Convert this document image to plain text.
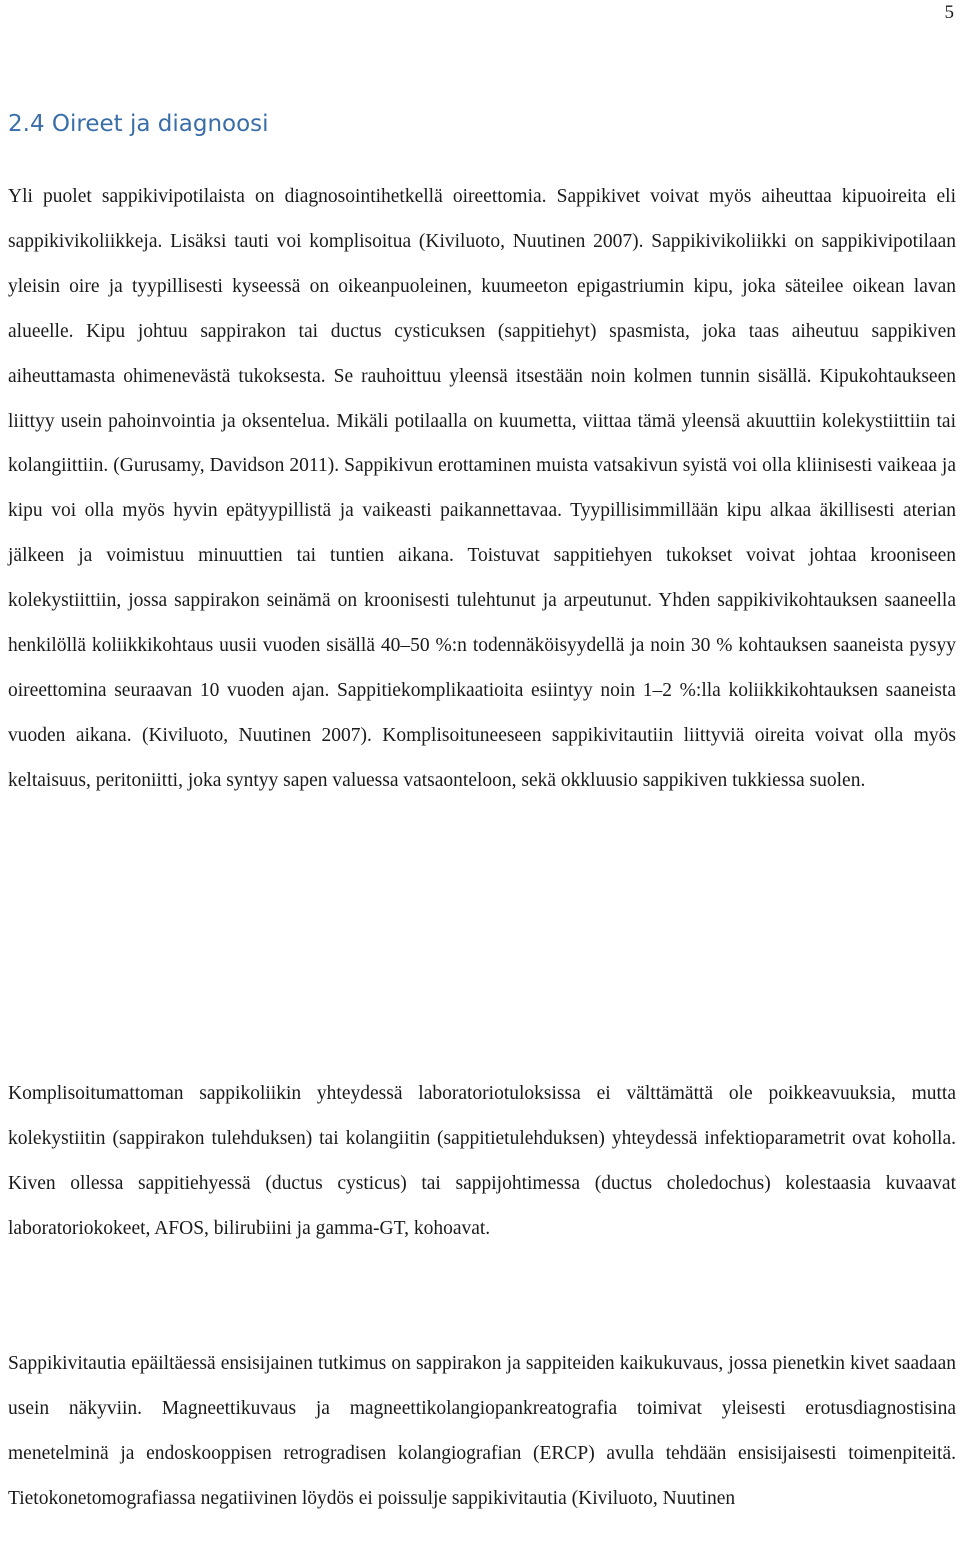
5
2.4 Oireet ja diagnoosi

Yli puolet sappikivipotilaista on diagnosointihetkellä oireettomia. Sappikivet voivat myös aiheuttaa kipuoireita eli sappikivikoliikkeja. Lisäksi tauti voi komplisoitua (Kiviluoto, Nuutinen 2007). Sappikivikoliikki on sappikivipotilaan yleisin oire ja tyypillisesti kyseessä on oikeanpuoleinen, kuumeeton epigastriumin kipu, joka säteilee oikean lavan alueelle. Kipu johtuu sappirakon tai ductus cysticuksen (sappitiehyt) spasmista, joka taas aiheutuu sappikiven aiheuttamasta ohimenevästä tukoksesta. Se rauhoittuu yleensä itsestään noin kolmen tunnin sisällä. Kipukohtaukseen liittyy usein pahoinvointia ja oksentelua. Mikäli potilaalla on kuumetta, viittaa tämä yleensä akuuttiin kolekystiittiin tai kolangiittiin. (Gurusamy, Davidson 2011). Sappikivun erottaminen muista vatsakivun syistä voi olla kliinisesti vaikeaa ja kipu voi olla myös hyvin epätyypillistä ja vaikeasti paikannettavaa. Tyypillisimmillään kipu alkaa äkillisesti aterian jälkeen ja voimistuu minuuttien tai tuntien aikana. Toistuvat sappitiehyen tukokset voivat johtaa krooniseen kolekystiittiin, jossa sappirakon seinämä on kroonisesti tulehtunut ja arpeutunut. Yhden sappikivikohtauksen saaneella henkilöllä koliikkikohtaus uusii vuoden sisällä 40–50 %:n todennäköisyydellä ja noin 30 % kohtauksen saaneista pysyy oireettomina seuraavan 10 vuoden ajan. Sappitiekomplikaatioita esiintyy noin 1–2 %:lla koliikkikohtauksen saaneista vuoden aikana. (Kiviluoto, Nuutinen 2007). Komplisoituneeseen sappikivitautiin liittyviä oireita voivat olla myös keltaisuus, peritoniitti, joka syntyy sapen valuessa vatsaonteloon, sekä okkluusio sappikiven tukkiessa suolen.

Komplisoitumattoman sappikoliikin yhteydessä laboratoriotuloksissa ei välttämättä ole poikkeavuuksia, mutta kolekystiitin (sappirakon tulehduksen) tai kolangiitin (sappitietulehduksen) yhteydessä infektioparametrit ovat koholla. Kiven ollessa sappitiehyessä (ductus cysticus) tai sappijohtimessa (ductus choledochus) kolestaasia kuvaavat laboratoriokokeet, AFOS, bilirubiini ja gamma-GT, kohoavat.

Sappikivitautia epäiltäessä ensisijainen tutkimus on sappirakon ja sappiteiden kaikukuvaus, jossa pienetkin kivet saadaan usein näkyviin. Magneettikuvaus ja magneettikolangiopankreatografia toimivat yleisesti erotusdiagnostisina menetelminä ja endoskooppisen retrogradisen kolangiografian (ERCP) avulla tehdään ensisijaisesti toimenpiteitä. Tietokonetomografiassa negatiivinen löydös ei poissulje sappikivitautia (Kiviluoto, Nuutinen
